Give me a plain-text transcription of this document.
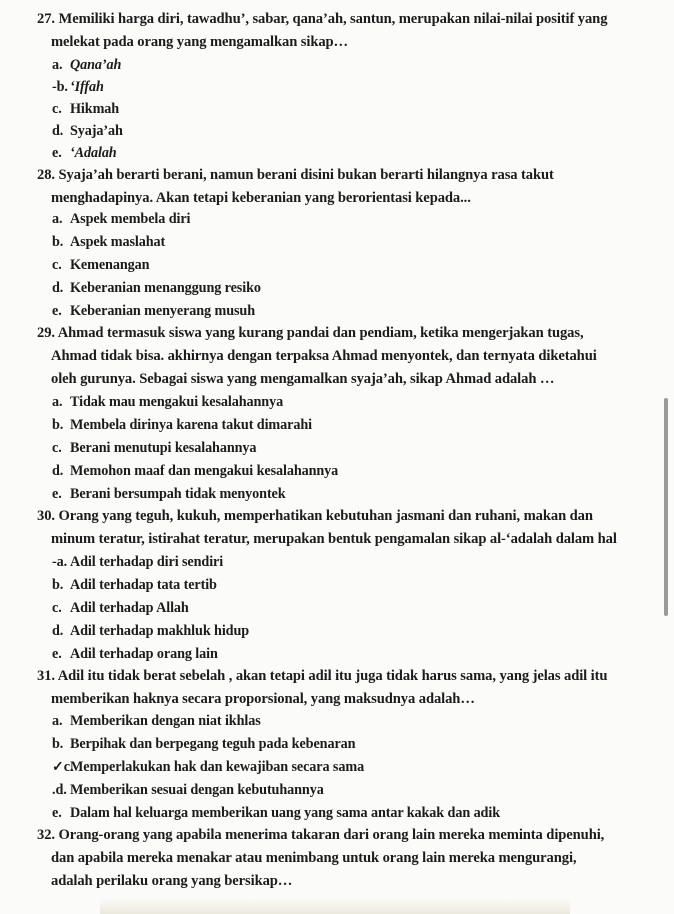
27. Memiliki harga diri, tawadhu’, sabar, qana’ah, santun, merupakan nilai-nilai positif yang
melekat pada orang yang mengamalkan sikap…
a. Qana’ah
-b. ‘Iffah
c. Hikmah
d. Syaja’ah
e. ‘Adalah
28. Syaja’ah berarti berani, namun berani disini bukan berarti hilangnya rasa takut
menghadapinya. Akan tetapi keberanian yang berorientasi kepada...
a. Aspek membela diri
b. Aspek maslahat
c. Kemenangan
d. Keberanian menanggung resiko
e. Keberanian menyerang musuh
29. Ahmad termasuk siswa yang kurang pandai dan pendiam, ketika mengerjakan tugas,
Ahmad tidak bisa. akhirnya dengan terpaksa Ahmad menyontek, dan ternyata diketahui
oleh gurunya. Sebagai siswa yang mengamalkan syaja’ah, sikap Ahmad adalah …
a. Tidak mau mengakui kesalahannya
b. Membela dirinya karena takut dimarahi
c. Berani menutupi kesalahannya
d. Memohon maaf dan mengakui kesalahannya
e. Berani bersumpah tidak menyontek
30. Orang yang teguh, kukuh, memperhatikan kebutuhan jasmani dan ruhani, makan dan
minum teratur, istirahat teratur, merupakan bentuk pengamalan sikap al-‘adalah dalam hal
-a. Adil terhadap diri sendiri
b. Adil terhadap tata tertib
c. Adil terhadap Allah
d. Adil terhadap makhluk hidup
e. Adil terhadap orang lain
31. Adil itu tidak berat sebelah , akan tetapi adil itu juga tidak harus sama, yang jelas adil itu
memberikan haknya secara proporsional, yang maksudnya adalah…
a. Memberikan dengan niat ikhlas
b. Berpihak dan berpegang teguh pada kebenaran
✓c.Memperlakukan hak dan kewajiban secara sama
.d. Memberikan sesuai dengan kebutuhannya
e. Dalam hal keluarga memberikan uang yang sama antar kakak dan adik
32. Orang-orang yang apabila menerima takaran dari orang lain mereka meminta dipenuhi,
dan apabila mereka menakar atau menimbang untuk orang lain mereka mengurangi,
adalah perilaku orang yang bersikap…
